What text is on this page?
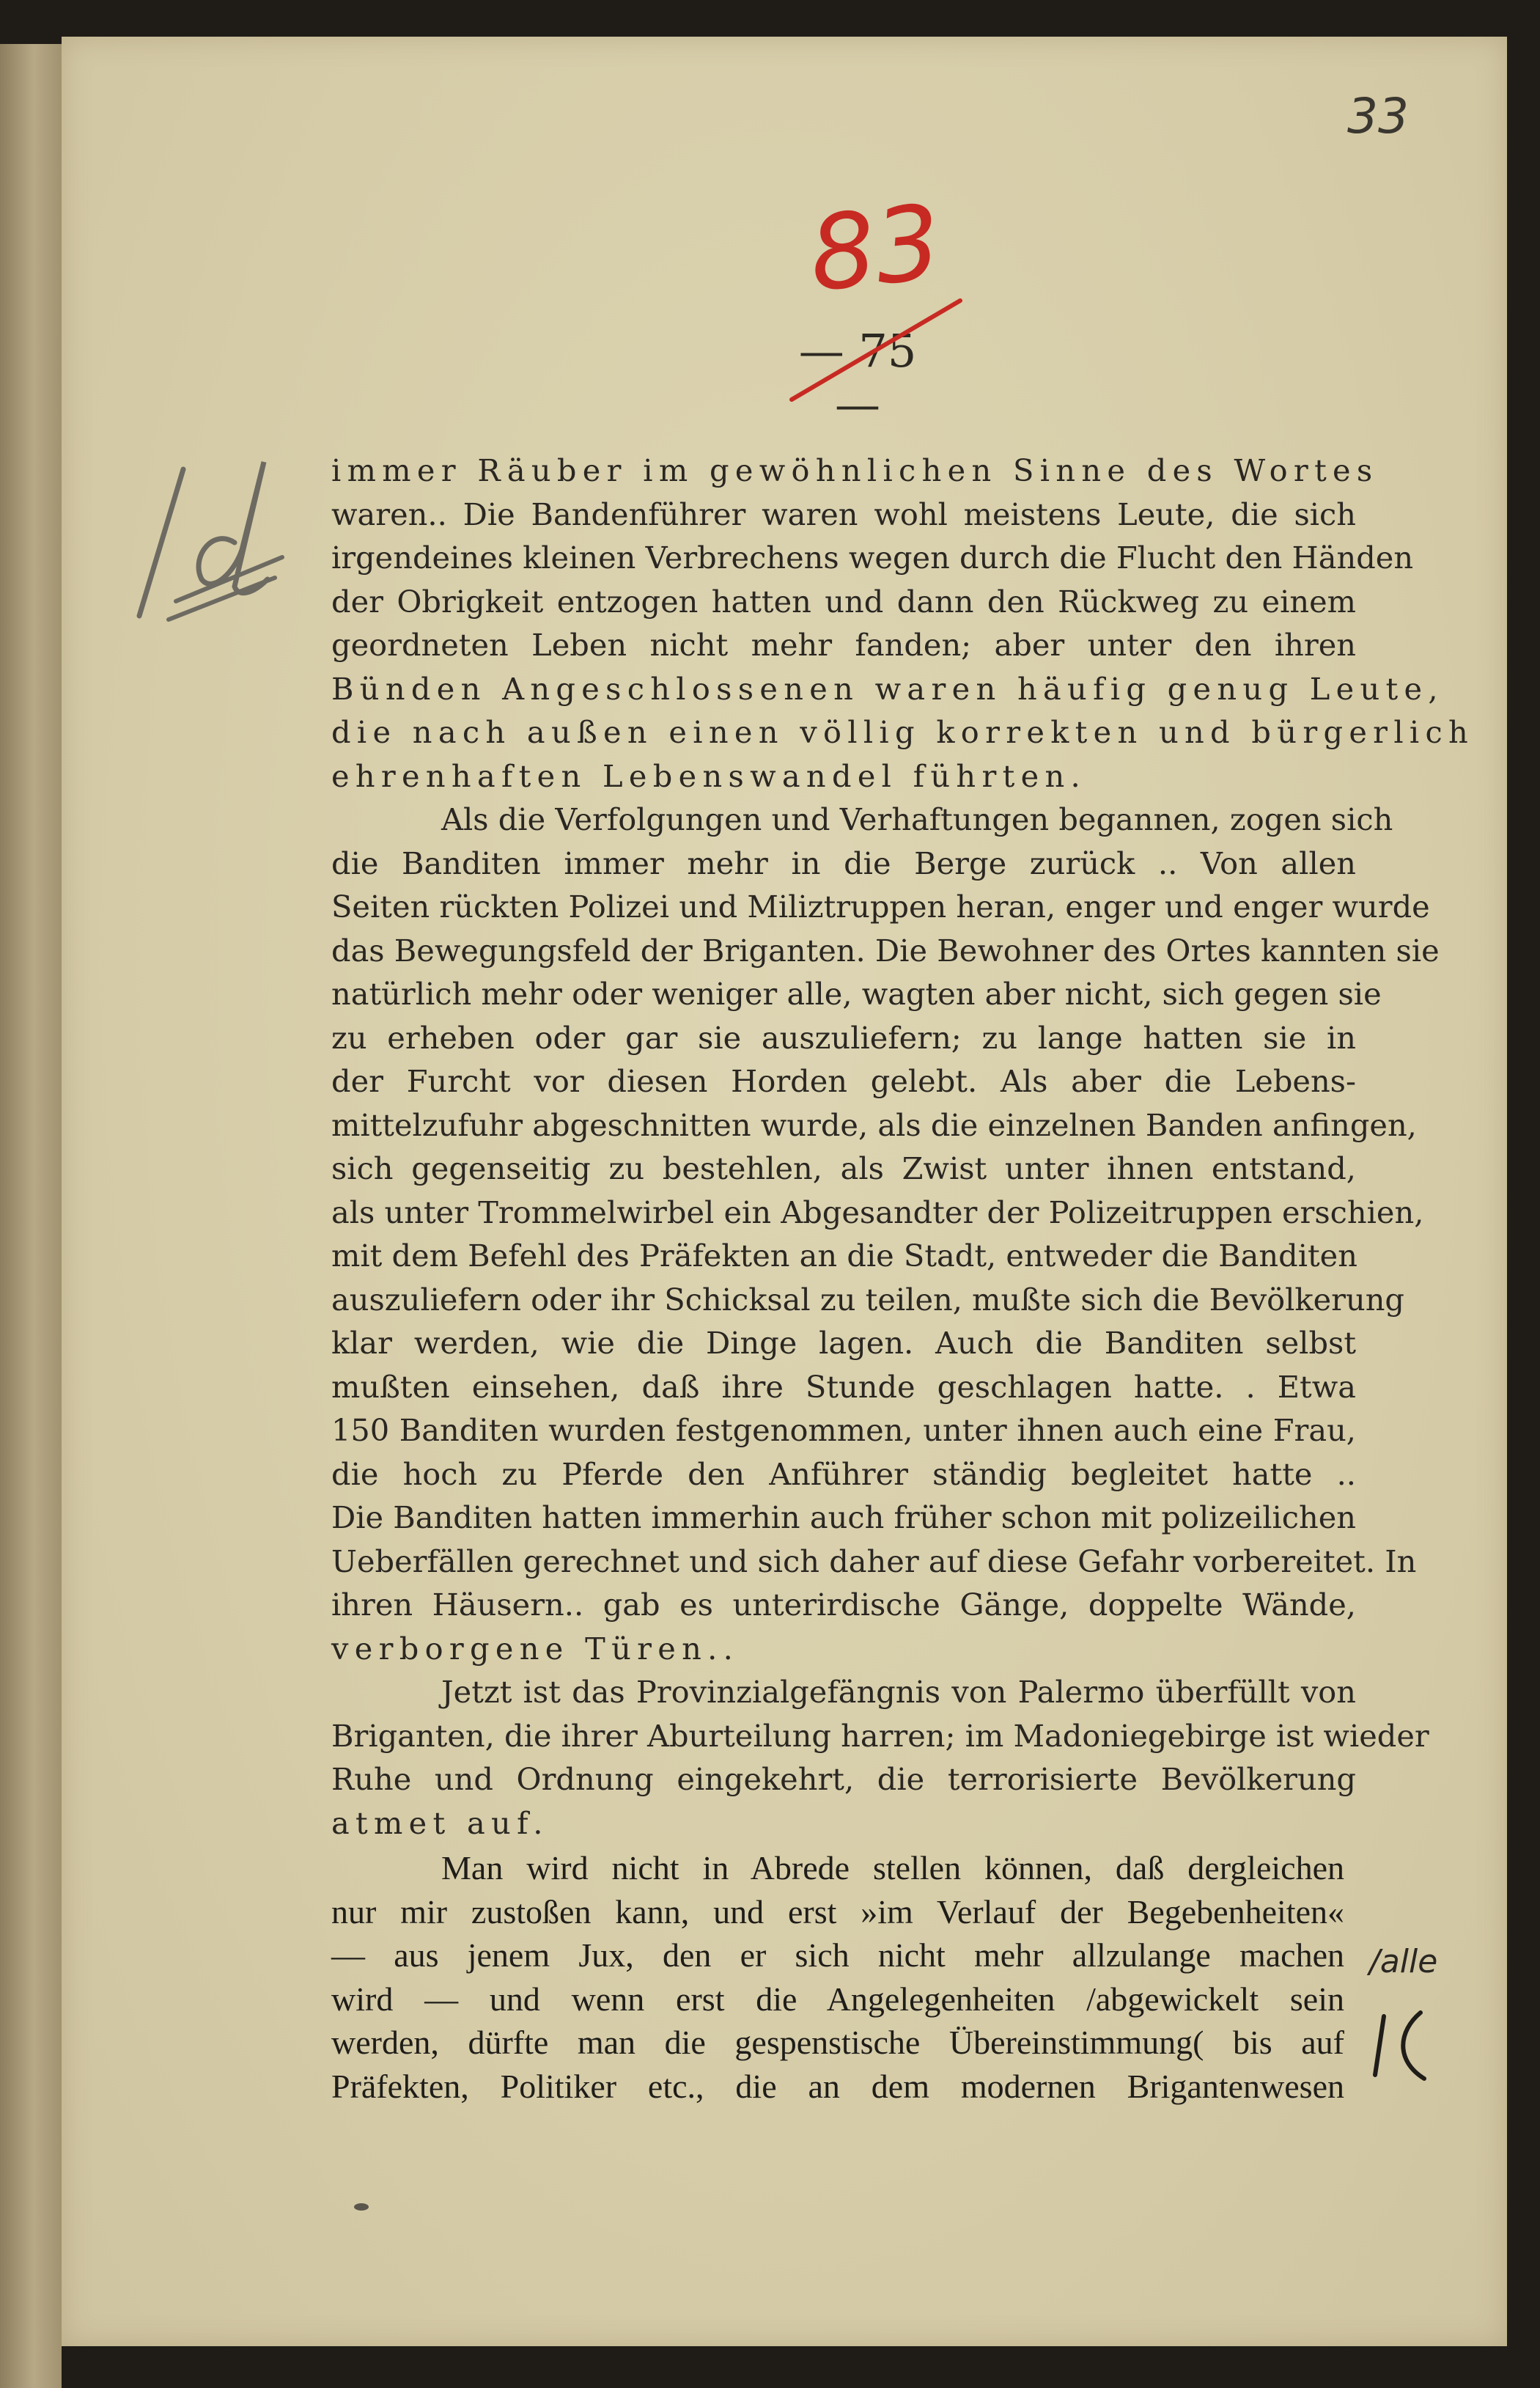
33
83
— 75 —
immer Räuber im gewöhnlichen Sinne des Wortes
waren.. Die Bandenführer waren wohl meistens Leute, die sich
irgendeines kleinen Verbrechens wegen durch die Flucht den Händen
der Obrigkeit entzogen hatten und dann den Rückweg zu einem
geordneten Leben nicht mehr fanden; aber unter den ihren
Bünden Angeschlossenen waren häufig genug Leute,
die nach außen einen völlig korrekten und bürgerlich
ehrenhaften Lebenswandel führten.
Als die Verfolgungen und Verhaftungen begannen, zogen sich
die Banditen immer mehr in die Berge zurück .. Von allen
Seiten rückten Polizei und Miliztruppen heran, enger und enger wurde
das Bewegungsfeld der Briganten. Die Bewohner des Ortes kannten sie
natürlich mehr oder weniger alle, wagten aber nicht, sich gegen sie
zu erheben oder gar sie auszuliefern; zu lange hatten sie in
der Furcht vor diesen Horden gelebt. Als aber die Lebens-
mittelzufuhr abgeschnitten wurde, als die einzelnen Banden anfingen,
sich gegenseitig zu bestehlen, als Zwist unter ihnen entstand,
als unter Trommelwirbel ein Abgesandter der Polizeitruppen erschien,
mit dem Befehl des Präfekten an die Stadt, entweder die Banditen
auszuliefern oder ihr Schicksal zu teilen, mußte sich die Bevölkerung
klar werden, wie die Dinge lagen. Auch die Banditen selbst
mußten einsehen, daß ihre Stunde geschlagen hatte. . Etwa
150 Banditen wurden festgenommen, unter ihnen auch eine Frau,
die hoch zu Pferde den Anführer ständig begleitet hatte ..
Die Banditen hatten immerhin auch früher schon mit polizeilichen
Ueberfällen gerechnet und sich daher auf diese Gefahr vorbereitet. In
ihren Häusern.. gab es unterirdische Gänge, doppelte Wände,
verborgene Türen..
Jetzt ist das Provinzialgefängnis von Palermo überfüllt von
Briganten, die ihrer Aburteilung harren; im Madoniegebirge ist wieder
Ruhe und Ordnung eingekehrt, die terrorisierte Bevölkerung
atmet auf.
Man wird nicht in Abrede stellen können, daß dergleichen
nur mir zustoßen kann, und erst »im Verlauf der Begebenheiten«
— aus jenem Jux, den er sich nicht mehr allzulange machen
wird — und wenn erst die Angelegenheiten /abgewickelt sein
werden, dürfte man die gespenstische Übereinstimmung( bis auf
Präfekten, Politiker etc., die an dem modernen Brigantenwesen
/alle
